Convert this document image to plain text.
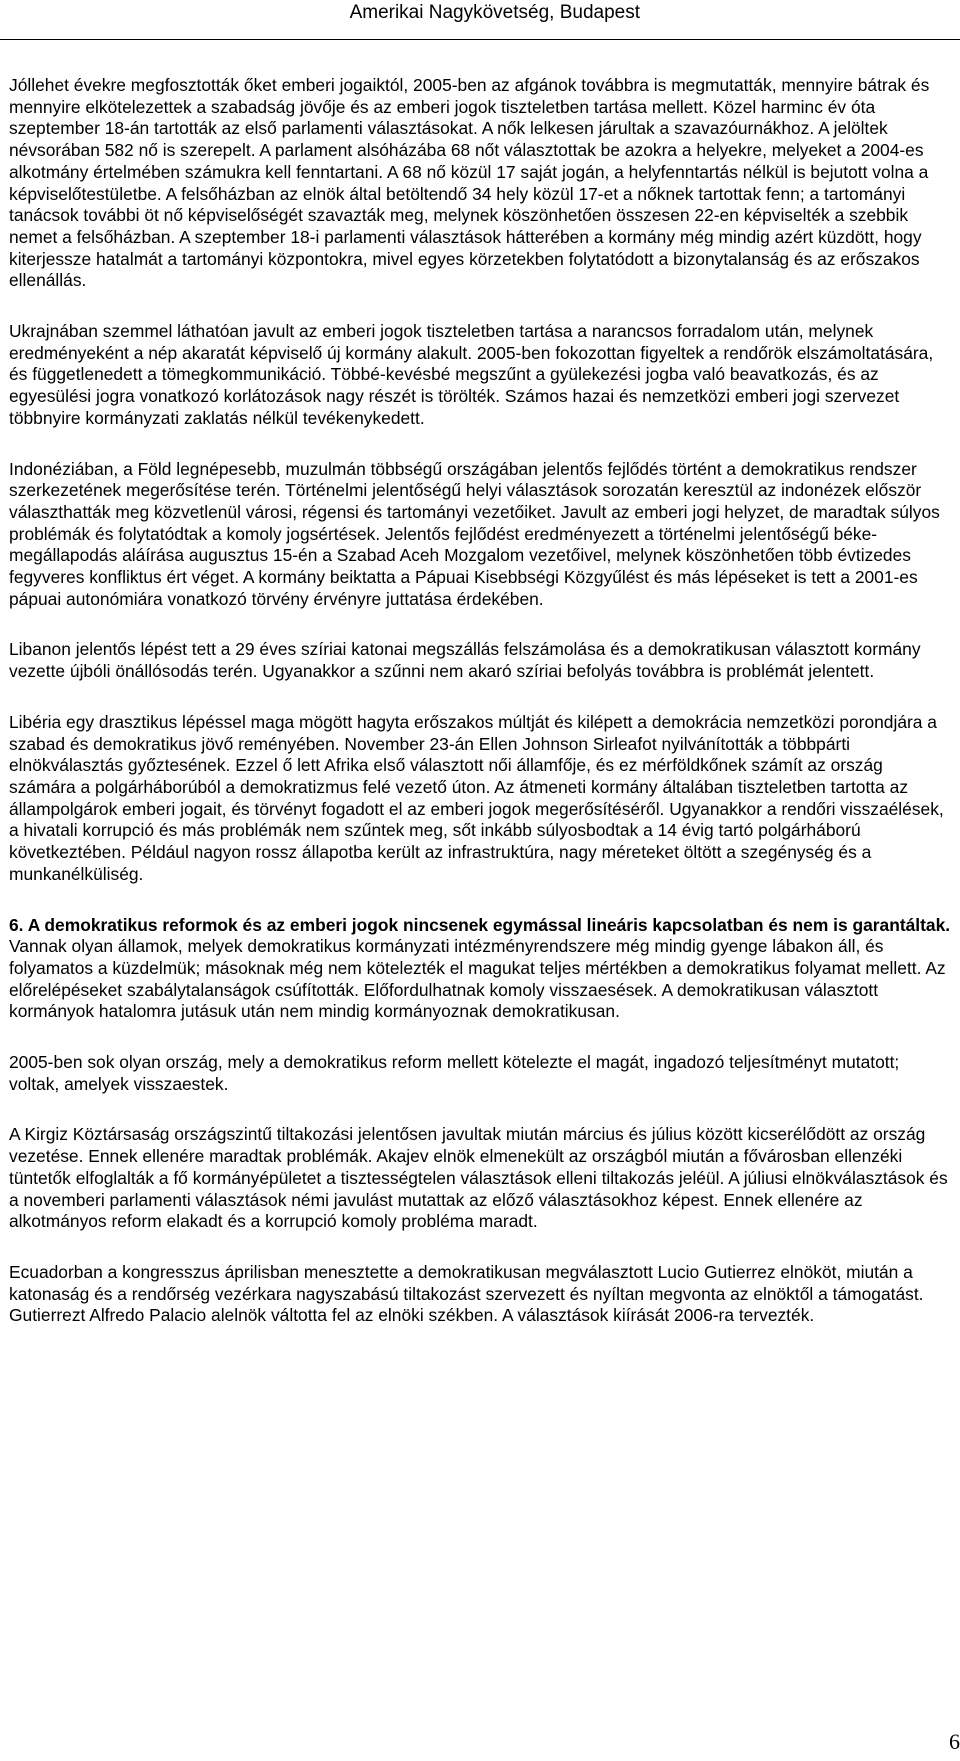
Amerikai Nagykövetség, Budapest

Jóllehet évekre megfosztották őket emberi jogaiktól, 2005-ben az afgánok továbbra is megmutatták, mennyire bátrak és mennyire elkötelezettek a szabadság jövője és az emberi jogok tiszteletben tartása mellett. Közel harminc év óta szeptember 18-án tartották az első parlamenti választásokat. A nők lelkesen járultak a szavazóurnákhoz. A jelöltek névsorában 582 nő is szerepelt. A parlament alsóházába 68 nőt választottak be azokra a helyekre, melyeket a 2004-es alkotmány értelmében számukra kell fenntartani. A 68 nő közül 17 saját jogán, a helyfenntartás nélkül is bejutott volna a képviselőtestületbe. A felsőházban az elnök által betöltendő 34 hely közül 17-et a nőknek tartottak fenn; a tartományi tanácsok további öt nő képviselőségét szavazták meg, melynek köszönhetően összesen 22-en képviselték a szebbik nemet a felsőházban. A szeptember 18-i parlamenti választások hátterében a kormány még mindig azért küzdött, hogy kiterjessze hatalmát a tartományi központokra, mivel egyes körzetekben folytatódott a bizonytalanság és az erőszakos ellenállás.

Ukrajnában szemmel láthatóan javult az emberi jogok tiszteletben tartása a narancsos forradalom után, melynek eredményeként a nép akaratát képviselő új kormány alakult. 2005-ben fokozottan figyeltek a rendőrök elszámoltatására, és függetlenedett a tömegkommunikáció. Többé-kevésbé megszűnt a gyülekezési jogba való beavatkozás, és az egyesülési jogra vonatkozó korlátozások nagy részét is törölték. Számos hazai és nemzetközi emberi jogi szervezet többnyire kormányzati zaklatás nélkül tevékenykedett.

Indonéziában, a Föld legnépesebb, muzulmán többségű országában jelentős fejlődés történt a demokratikus rendszer szerkezetének megerősítése terén. Történelmi jelentőségű helyi választások sorozatán keresztül az indonézek először választhatták meg közvetlenül városi, régensi és tartományi vezetőiket. Javult az emberi jogi helyzet, de maradtak súlyos problémák és folytatódtak a komoly jogsértések. Jelentős fejlődést eredményezett a történelmi jelentőségű béke-megállapodás aláírása augusztus 15-én a Szabad Aceh Mozgalom vezetőivel, melynek köszönhetően több évtizedes fegyveres konfliktus ért véget. A kormány beiktatta a Pápuai Kisebbségi Közgyűlést és más lépéseket is tett a 2001-es pápuai autonómiára vonatkozó törvény érvényre juttatása érdekében.

Libanon jelentős lépést tett a 29 éves szíriai katonai megszállás felszámolása és a demokratikusan választott kormány vezette újbóli önállósodás terén. Ugyanakkor a szűnni nem akaró szíriai befolyás továbbra is problémát jelentett.

Libéria egy drasztikus lépéssel maga mögött hagyta erőszakos múltját és kilépett a demokrácia nemzetközi porondjára a szabad és demokratikus jövő reményében. November 23-án Ellen Johnson Sirleafot nyilvánították a többpárti elnökválasztás győztesének. Ezzel ő lett Afrika első választott női államfője, és ez mérföldkőnek számít az ország számára a polgárháborúból a demokratizmus felé vezető úton. Az átmeneti kormány általában tiszteletben tartotta az állampolgárok emberi jogait, és törvényt fogadott el az emberi jogok megerősítéséről. Ugyanakkor a rendőri visszaélések, a hivatali korrupció és más problémák nem szűntek meg, sőt inkább súlyosbodtak a 14 évig tartó polgárháború következtében. Például nagyon rossz állapotba került az infrastruktúra, nagy méreteket öltött a szegénység és a munkanélküliség.

6. A demokratikus reformok és az emberi jogok nincsenek egymással lineáris kapcsolatban és nem is garantáltak. Vannak olyan államok, melyek demokratikus kormányzati intézményrendszere még mindig gyenge lábakon áll, és folyamatos a küzdelmük; másoknak még nem kötelezték el magukat teljes mértékben a demokratikus folyamat mellett. Az előrelépéseket szabálytalanságok csúfították. Előfordulhatnak komoly visszaesések. A demokratikusan választott kormányok hatalomra jutásuk után nem mindig kormányoznak demokratikusan.

2005-ben sok olyan ország, mely a demokratikus reform mellett kötelezte el magát, ingadozó teljesítményt mutatott; voltak, amelyek visszaestek.

A Kirgiz Köztársaság országszintű tiltakozási jelentősen javultak miután március és július között kicserélődött az ország vezetése. Ennek ellenére maradtak problémák. Akajev elnök elmenekült az országból miután a fővárosban ellenzéki tüntetők elfoglalták a fő kormányépületet a tisztességtelen választások elleni tiltakozás jeléül. A júliusi elnökválasztások és a novemberi parlamenti választások némi javulást mutattak az előző választásokhoz képest. Ennek ellenére az alkotmányos reform elakadt és a korrupció komoly probléma maradt.

Ecuadorban a kongresszus áprilisban menesztette a demokratikusan megválasztott Lucio Gutierrez elnököt, miután a katonaság és a rendőrség vezérkara nagyszabású tiltakozást szervezett és nyíltan megvonta az elnöktől a támogatást. Gutierrezt Alfredo Palacio alelnök váltotta fel az elnöki székben. A választások kiírását 2006-ra tervezték.

6
